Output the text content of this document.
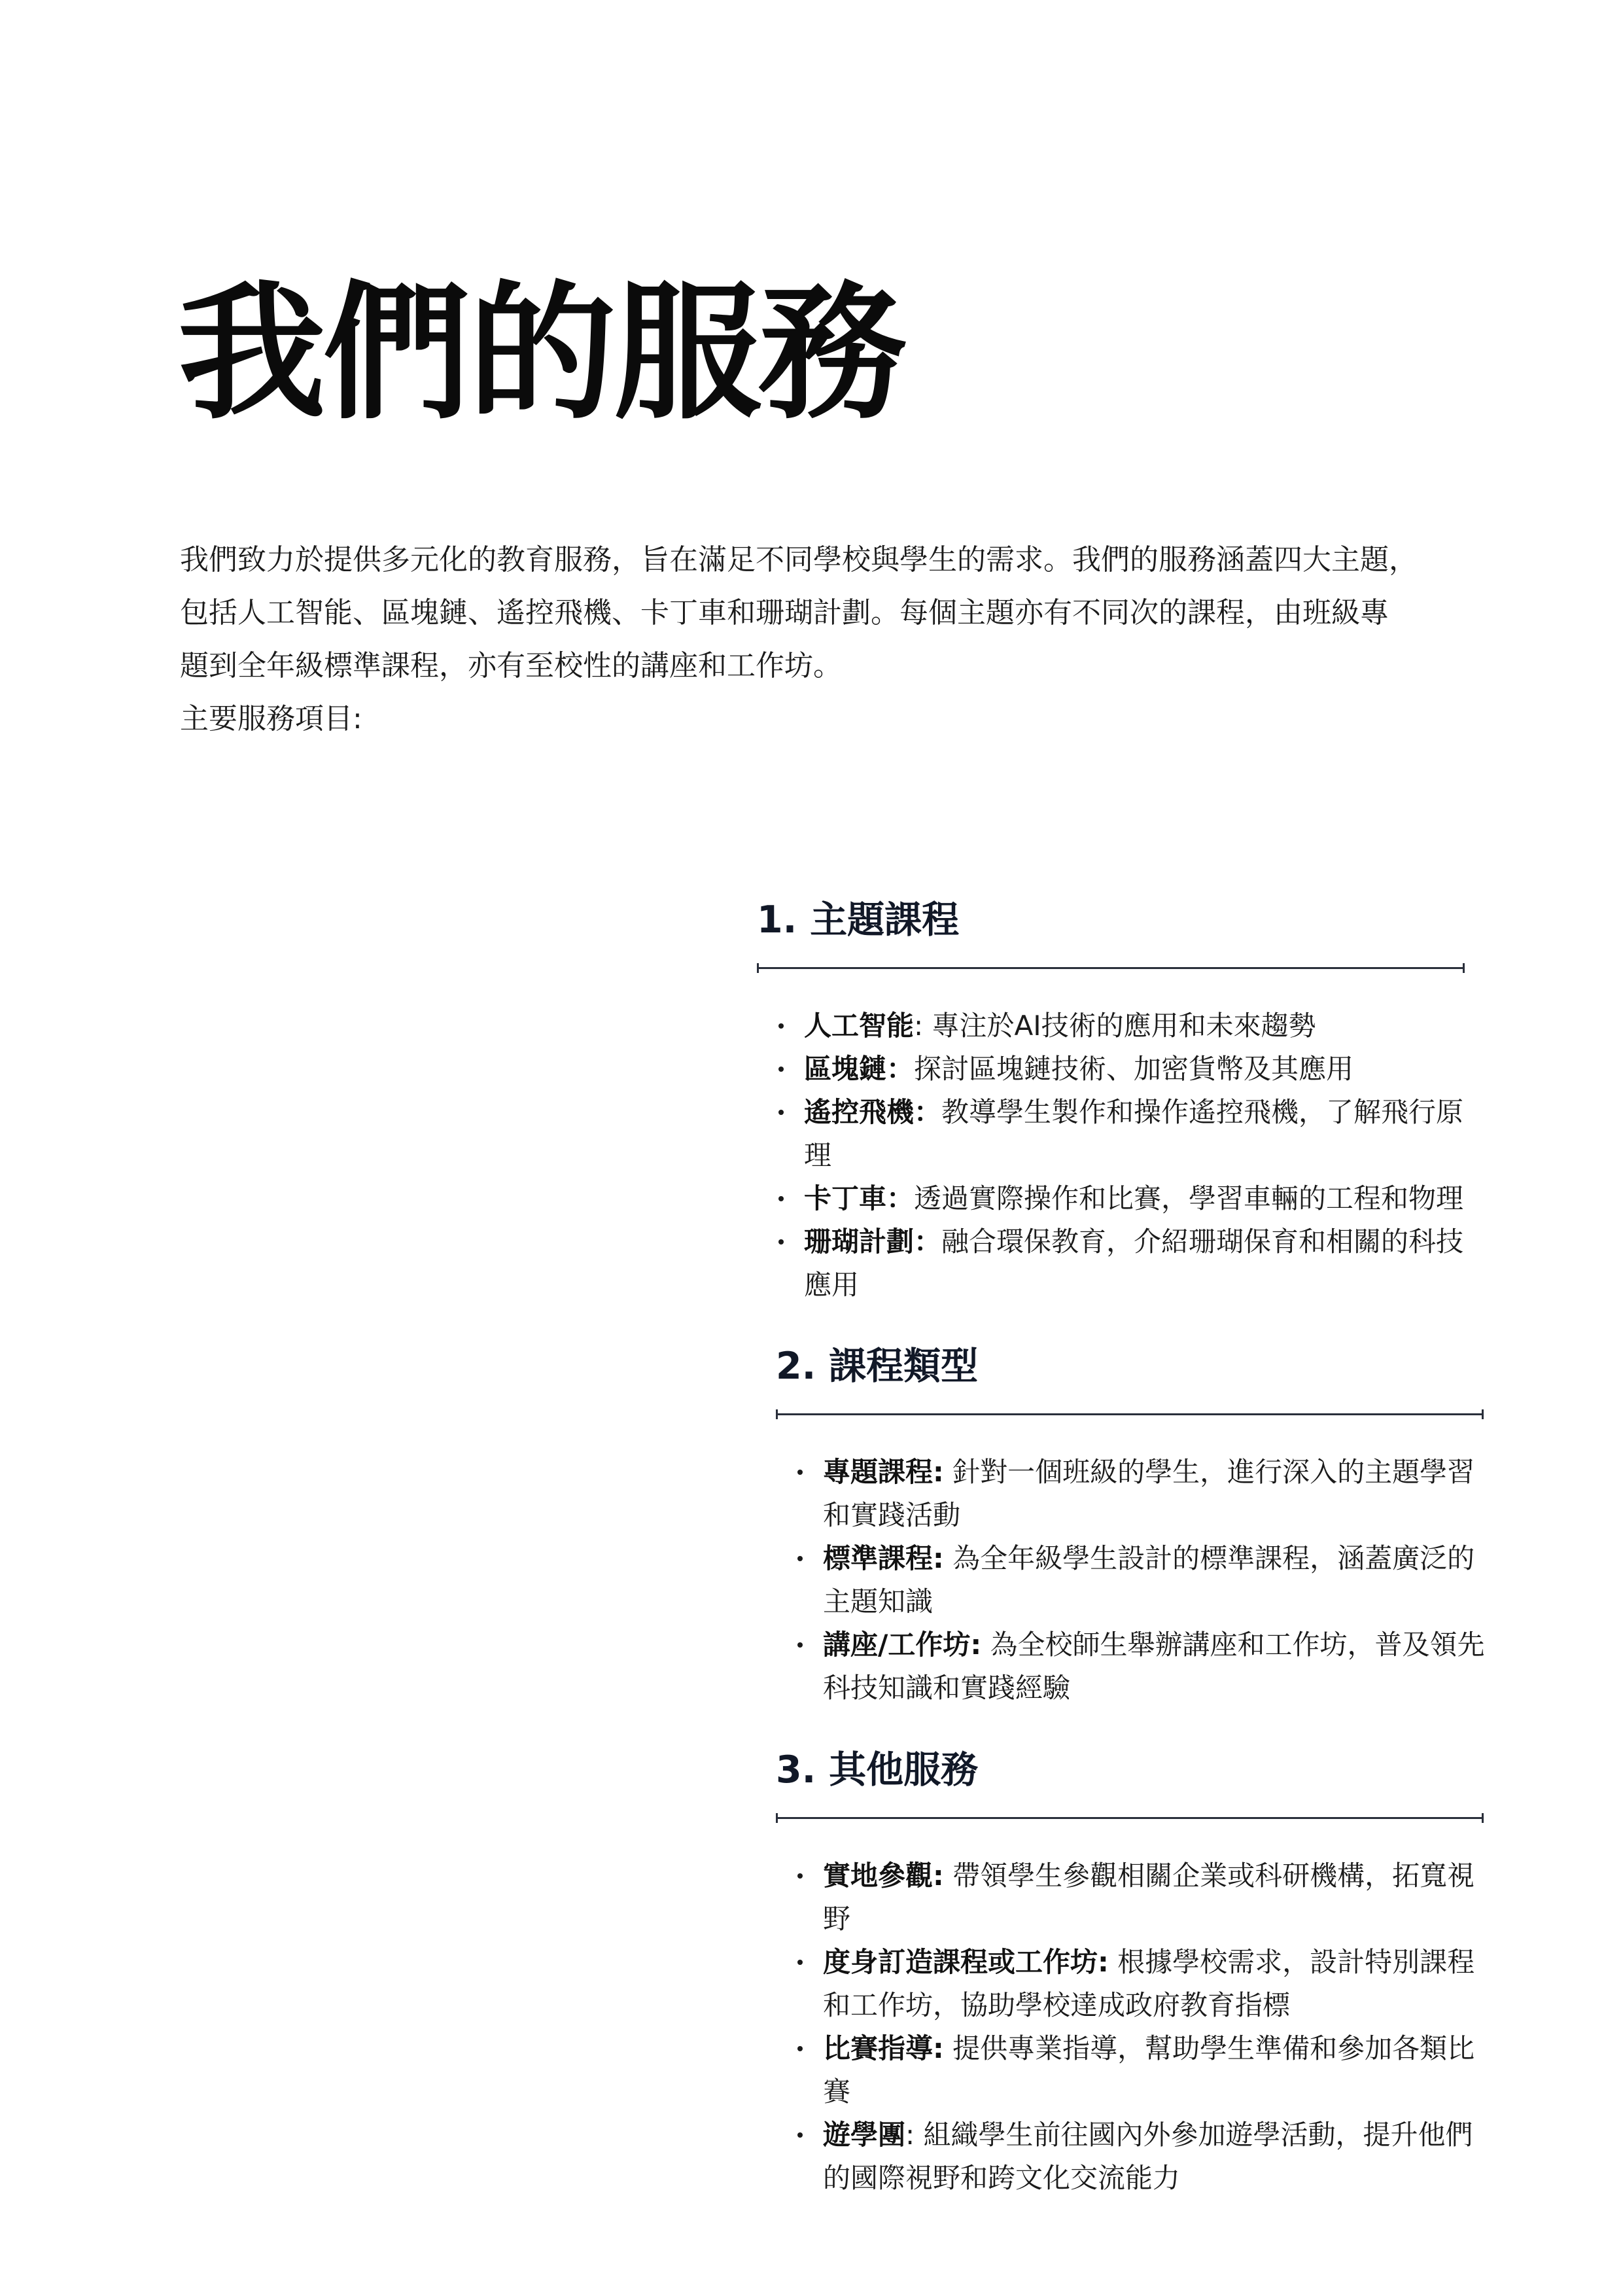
我們的服務
我們致力於提供多元化的教育服務，旨在滿足不同學校與學生的需求。我們的服務涵蓋四大主題，
包括人工智能、區塊鏈、遙控飛機、卡丁車和珊瑚計劃。每個主題亦有不同次的課程，由班級專
題到全年級標準課程，亦有至校性的講座和工作坊。
主要服務項目:
1. 主題課程
人工智能: 專注於AI技術的應用和未來趨勢
區塊鏈：探討區塊鏈技術、加密貨幣及其應用
遙控飛機：教導學生製作和操作遙控飛機，了解飛行原理
卡丁車：透過實際操作和比賽，學習車輛的工程和物理
珊瑚計劃：融合環保教育，介紹珊瑚保育和相關的科技應用
2. 課程類型
專題課程: 針對一個班級的學生，進行深入的主題學習和實踐活動
標準課程: 為全年級學生設計的標準課程，涵蓋廣泛的主題知識
講座/工作坊: 為全校師生舉辦講座和工作坊，普及領先科技知識和實踐經驗
3. 其他服務
實地參觀: 帶領學生參觀相關企業或科研機構，拓寬視野
度身訂造課程或工作坊: 根據學校需求，設計特別課程和工作坊，協助學校達成政府教育指標
比賽指導: 提供專業指導，幫助學生準備和參加各類比賽
遊學團: 組織學生前往國內外參加遊學活動，提升他們的國際視野和跨文化交流能力
